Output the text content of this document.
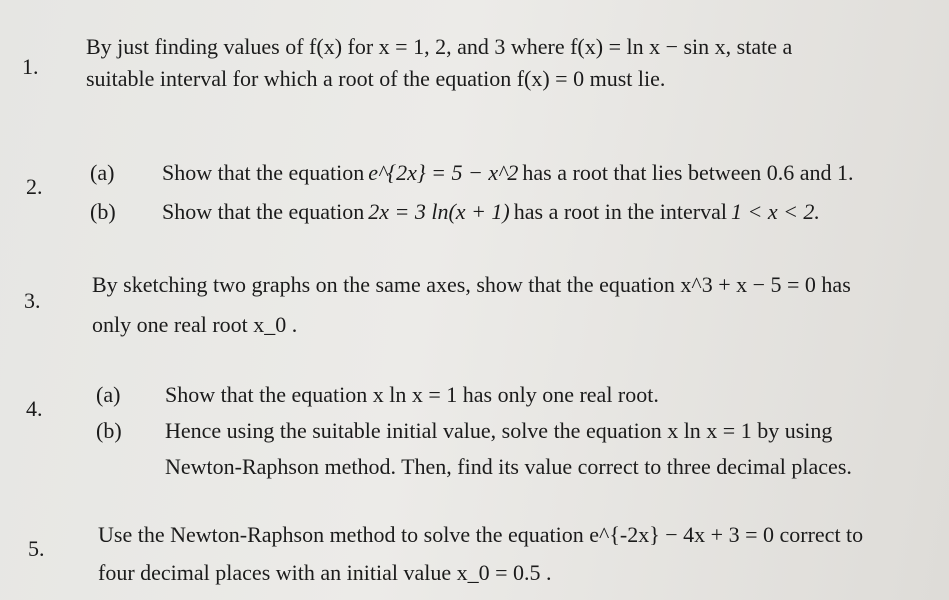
1.
By just finding values of f(x) for x = 1, 2, and 3 where f(x) = ln x − sin x, state a
suitable interval for which a root of the equation f(x) = 0 must lie.
2.
(a) Show that the equation e^{2x} = 5 − x^2 has a root that lies between 0.6 and 1.
(b) Show that the equation 2x = 3 ln(x + 1) has a root in the interval 1 < x < 2.
3.
By sketching two graphs on the same axes, show that the equation x^3 + x − 5 = 0 has
only one real root x_0 .
4.
(a) Show that the equation x ln x = 1 has only one real root.
(b) Hence using the suitable initial value, solve the equation x ln x = 1 by using
Newton-Raphson method. Then, find its value correct to three decimal places.
5.
Use the Newton-Raphson method to solve the equation e^{-2x} − 4x + 3 = 0 correct to
four decimal places with an initial value x_0 = 0.5 .
